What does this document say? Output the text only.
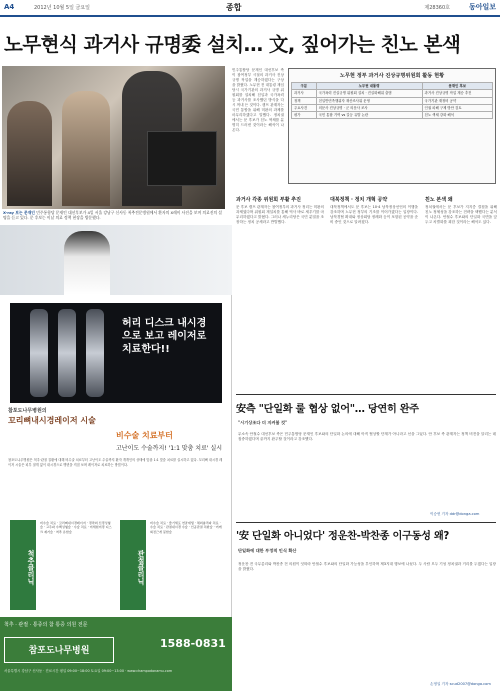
A4	2012년 10월 5일 금요일	종합	제28360호	동아일보
노무현식 과거사 규명委 설치… 文, 짚어가는 친노 본색
X-ray 보는 문재인 민주통합당 문재인 대선후보가 4일 서울 강남구 신사동 척추전문병원에서 환자의 X레이 사진을 보며 의료진의 설명을 듣고 있다. 문 후보는 이날 의료 정책 현장을 방문했다.
민주통합당 문재인 대선후보 측이 참여정부 시절의 과거사 진상규명 작업을 계승하겠다는 구상을 밝혔다. 노무현 전 대통령 재임 당시 국가기관의 과거사 규명 위원회를 설치해 친일과 국가폭력 등 과거사를 조사했던 방식을 다시 꺼내 든 것이다. 캠프 관계자는 국민 통합을 위해 미완의 과제를 마무리하겠다고 말했다. 정치권에서는 문 후보가 친노 색채를 분명히 드러낸 것이라는 해석이 나온다.
노무현 정부 과거사 진상규명위원회 활동 현황
구분	노무현 대통령	문재인 후보
과거사	국가폭력 진실규명 위원회 설치 · 진실화해위 출범	과거사 진상규명 작업 계승 추진
정책	친일반민족행위자 재산조사위 운영	국가기관 재정비 공약
주요사건	의문사 진상규명 · 군 의문사 조사	인권 피해 구제 방안 검토
평가	국민 통합 기여 vs 갈등 유발 논란	친노 색채 강화 해석
과거사 각종 위원회 부활 추진	대북정책 · 정치 개혁 공약	친노 본색 왜
문 후보 캠프 관계자는 참여정부의 과거사 정리는 미완의 과제였다며 위원회 재설치를 통해 역사 바로 세우기를 마무리하겠다고 밝혔다. 그러나 새누리당은 국민 분열을 조장하는 정치 공세라고 반발했다.
대북정책에서도 문 후보는 10·4 남북정상선언의 이행을 강조하며 노무현 정부의 기조를 이어가겠다는 입장이다. 남북경협 확대와 정상회담 정례화 등이 포함된 공약을 준비 중인 것으로 알려졌다.
정치권에서는 문 후보가 지지층 결집을 위해 친노 정체성을 강조하는 전략을 택했다는 분석이 나온다. 안철수 후보와의 단일화 국면을 앞두고 차별화를 꾀한 것이라는 해석도 있다.
安측 "단일화 룰 협상 없어"… 당연히 완주
"시기상조다 더 지켜볼 것"
무소속 안철수 대선후보 측은 민주통합당 문재인 후보와의 단일화 논의에 대해 아직 협상할 단계가 아니라고 선을 그었다. 안 후보 측 관계자는 정책 비전을 알리는 데 집중하겠다며 끝까지 완주할 것이라고 강조했다.
이승헌 기자 ddr@donga.com
'安 단일화 아니었다' 정운찬-박찬종 이구동성 왜?
단일화에 대한 부정적 인식 확산
정운찬 전 국무총리와 박찬종 전 의원이 잇따라 안철수 후보와의 단일화 가능성을 부인하며 제3지대 행보에 나섰다. 두 사람 모두 기성 정치권과 거리를 두겠다는 입장을 밝혔다.
손영일 기자 scud2007@donga.com
허리 디스크 내시경으로 보고 레이저로 치료한다!!
참포도나무병원의
꼬리뼈내시경레이저 시술
비수술 치료부터
고난이도 수술까지! '1:1 맞춤 치료' 실시
참포도나무병원은 척추·관절 질환에 대해 비수술 치료부터 고난이도 수술까지 환자 개개인의 상태에 맞춘 1:1 맞춤 치료를 실시하고 있다. 꼬리뼈 내시경 레이저 시술은 피부 절개 없이 내시경으로 병변을 직접 보며 레이저로 치료하는 방법이다.
척추클리닉
비수술 치료 · 꼬리뼈내시경레이저 · 경막외 신경성형술 · 고주파 수핵성형술 · 수술 치료 · 미세현미경 디스크 제거술 · 척추 유합술
관절클리닉
비수술 치료 · 줄기세포 연골재생 · 체외충격파 치료 · 수술 치료 · 관절내시경 수술 · 인공관절 치환술 · 어깨 회전근개 봉합술
척추 · 관절 · 통증의 참 통증 의원 전문
참포도나무병원
1588-0831
서울특별시 강남구 신사동 · 진료시간 평일 09:00~18:00 토요일 09:00~13:00 · www.champodonamu.com
